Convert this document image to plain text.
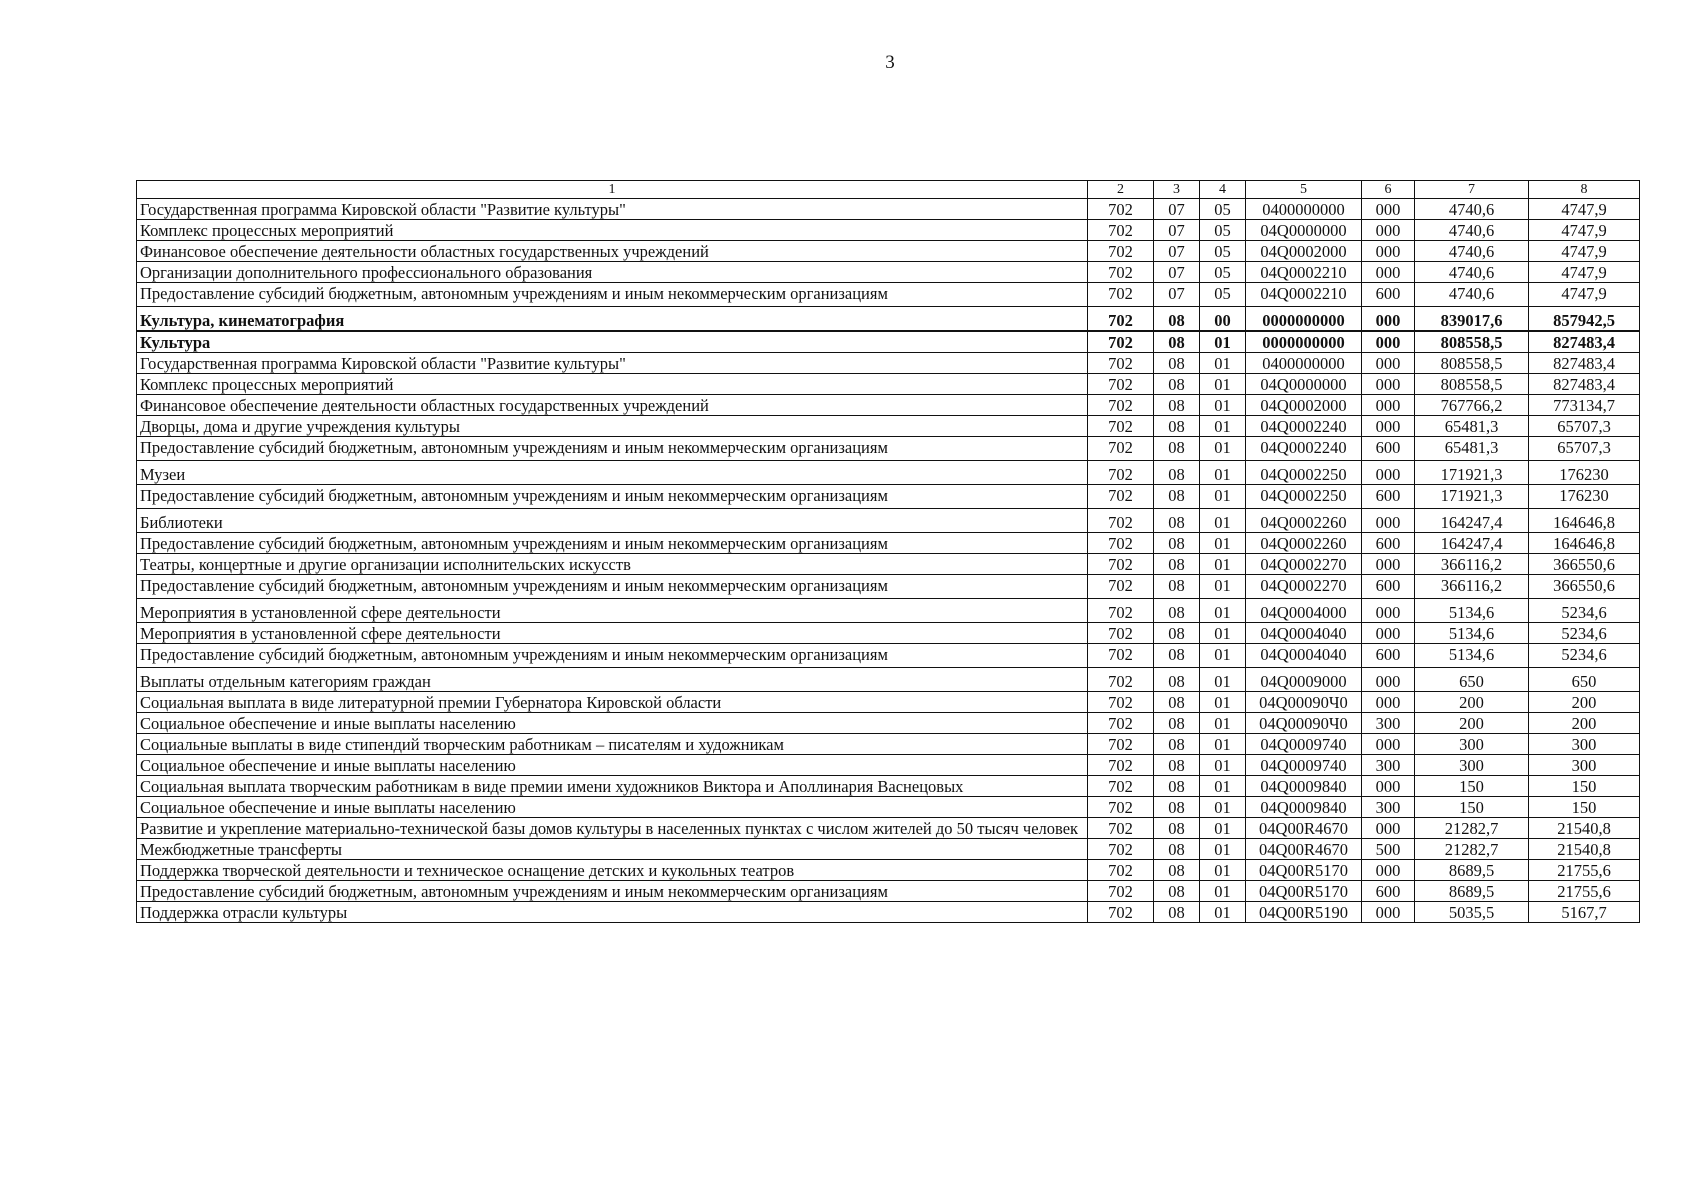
3
1	2	3	4	5	6	7	8
Государственная программа Кировской области "Развитие культуры"	702	07	05	0400000000	000	4740,6	4747,9
Комплекс процессных мероприятий	702	07	05	04Q0000000	000	4740,6	4747,9
Финансовое обеспечение деятельности областных государственных учреждений	702	07	05	04Q0002000	000	4740,6	4747,9
Организации дополнительного профессионального образования	702	07	05	04Q0002210	000	4740,6	4747,9
Предоставление субсидий бюджетным, автономным учреждениям и иным некоммерческим организациям	702	07	05	04Q0002210	600	4740,6	4747,9
Культура, кинематография	702	08	00	0000000000	000	839017,6	857942,5
Культура	702	08	01	0000000000	000	808558,5	827483,4
Государственная программа Кировской области "Развитие культуры"	702	08	01	0400000000	000	808558,5	827483,4
Комплекс процессных мероприятий	702	08	01	04Q0000000	000	808558,5	827483,4
Финансовое обеспечение деятельности областных государственных учреждений	702	08	01	04Q0002000	000	767766,2	773134,7
Дворцы, дома и другие учреждения культуры	702	08	01	04Q0002240	000	65481,3	65707,3
Предоставление субсидий бюджетным, автономным учреждениям и иным некоммерческим организациям	702	08	01	04Q0002240	600	65481,3	65707,3
Музеи	702	08	01	04Q0002250	000	171921,3	176230
Предоставление субсидий бюджетным, автономным учреждениям и иным некоммерческим организациям	702	08	01	04Q0002250	600	171921,3	176230
Библиотеки	702	08	01	04Q0002260	000	164247,4	164646,8
Предоставление субсидий бюджетным, автономным учреждениям и иным некоммерческим организациям	702	08	01	04Q0002260	600	164247,4	164646,8
Театры, концертные и другие организации исполнительских искусств	702	08	01	04Q0002270	000	366116,2	366550,6
Предоставление субсидий бюджетным, автономным учреждениям и иным некоммерческим организациям	702	08	01	04Q0002270	600	366116,2	366550,6
Мероприятия в установленной сфере деятельности	702	08	01	04Q0004000	000	5134,6	5234,6
Мероприятия в установленной сфере деятельности	702	08	01	04Q0004040	000	5134,6	5234,6
Предоставление субсидий бюджетным, автономным учреждениям и иным некоммерческим организациям	702	08	01	04Q0004040	600	5134,6	5234,6
Выплаты отдельным категориям граждан	702	08	01	04Q0009000	000	650	650
Социальная выплата в виде литературной премии Губернатора Кировской области	702	08	01	04Q00090Ч0	000	200	200
Социальное обеспечение и иные выплаты населению	702	08	01	04Q00090Ч0	300	200	200
Социальные выплаты в виде стипендий творческим работникам – писателям и художникам	702	08	01	04Q0009740	000	300	300
Социальное обеспечение и иные выплаты населению	702	08	01	04Q0009740	300	300	300
Социальная выплата творческим работникам в виде премии имени художников Виктора и Аполлинария Васнецовых	702	08	01	04Q0009840	000	150	150
Социальное обеспечение и иные выплаты населению	702	08	01	04Q0009840	300	150	150
Развитие и укрепление материально-технической базы домов культуры в населенных пунктах с числом жителей до 50 тысяч человек	702	08	01	04Q00R4670	000	21282,7	21540,8
Межбюджетные трансферты	702	08	01	04Q00R4670	500	21282,7	21540,8
Поддержка творческой деятельности и техническое оснащение детских и кукольных театров	702	08	01	04Q00R5170	000	8689,5	21755,6
Предоставление субсидий бюджетным, автономным учреждениям и иным некоммерческим организациям	702	08	01	04Q00R5170	600	8689,5	21755,6
Поддержка отрасли культуры	702	08	01	04Q00R5190	000	5035,5	5167,7
